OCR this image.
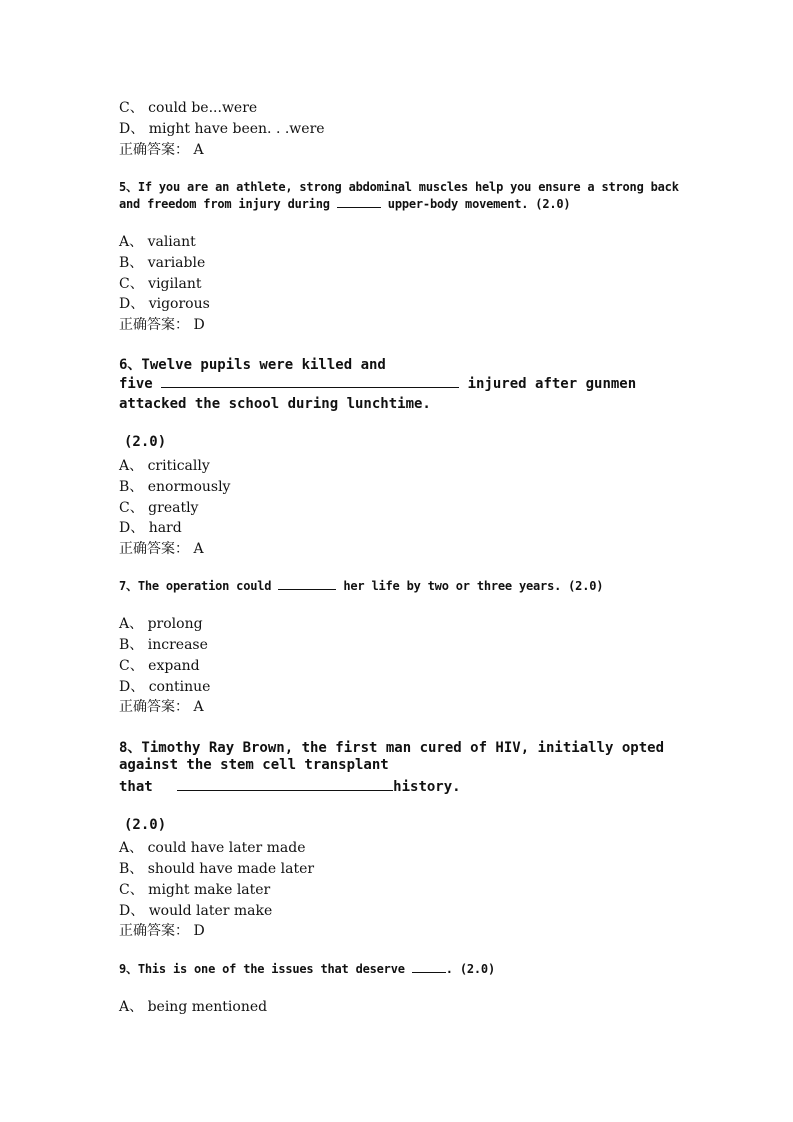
C、 could be...were
D、 might have been. . .were
正确答案： A
5、If you are an athlete, strong abdominal muscles help you ensure a strong back
and freedom from injury during	upper-body movement. (2.0)
A、 valiant
B、 variable
C、 vigilant
D、 vigorous
正确答案： D
6、Twelve pupils were killed and
five	injured after gunmen
attacked the school during lunchtime.
(2.0)
A、 critically
B、 enormously
C、 greatly
D、 hard
正确答案： A
7、The operation could	her life by two or three years. (2.0)
A、 prolong
B、 increase
C、 expand
D、 continue
正确答案： A
8、Timothy Ray Brown, the first man cured of HIV, initially opted
against the stem cell transplant
that	history.
(2.0)
A、 could have later made
B、 should have made later
C、 might make later
D、 would later make
正确答案： D
9、This is one of the issues that deserve	. (2.0)
A、 being mentioned
